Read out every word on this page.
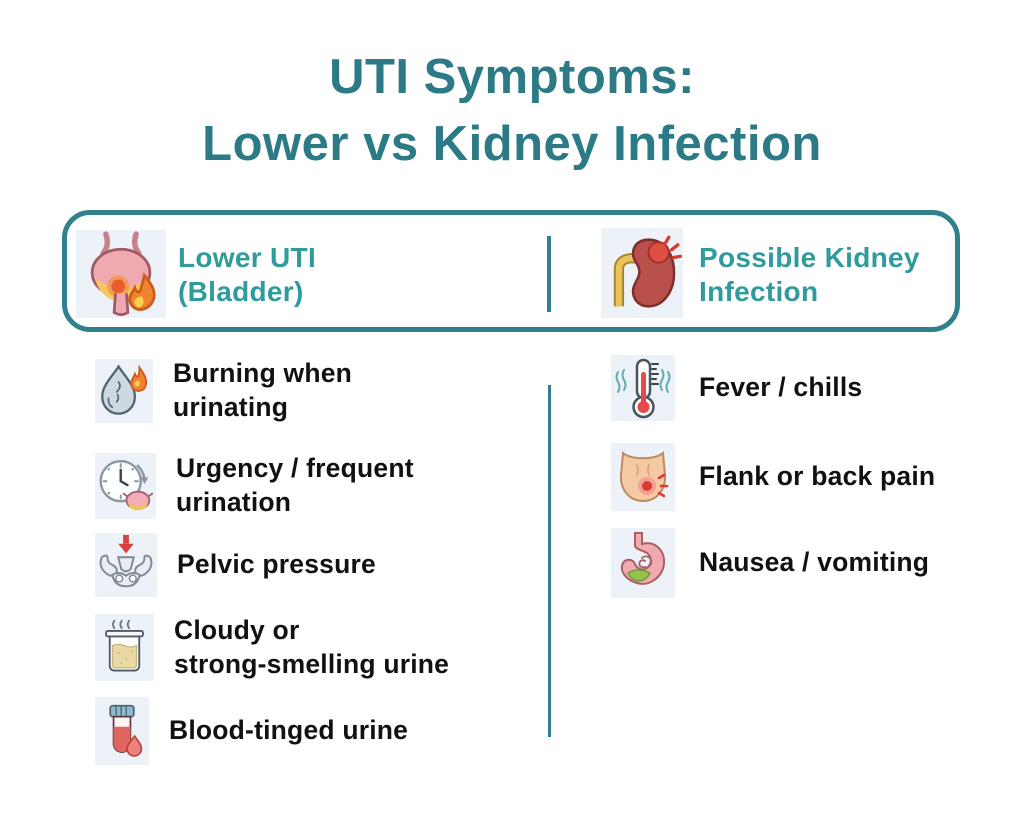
UTI Symptoms:
Lower vs Kidney Infection
Lower UTI
(Bladder)
Possible Kidney
Infection
Burning when
urinating
Urgency / frequent
urination
Pelvic pressure
Cloudy or
strong-smelling urine
Blood-tinged urine
Fever / chills
Flank or back pain
Nausea / vomiting
